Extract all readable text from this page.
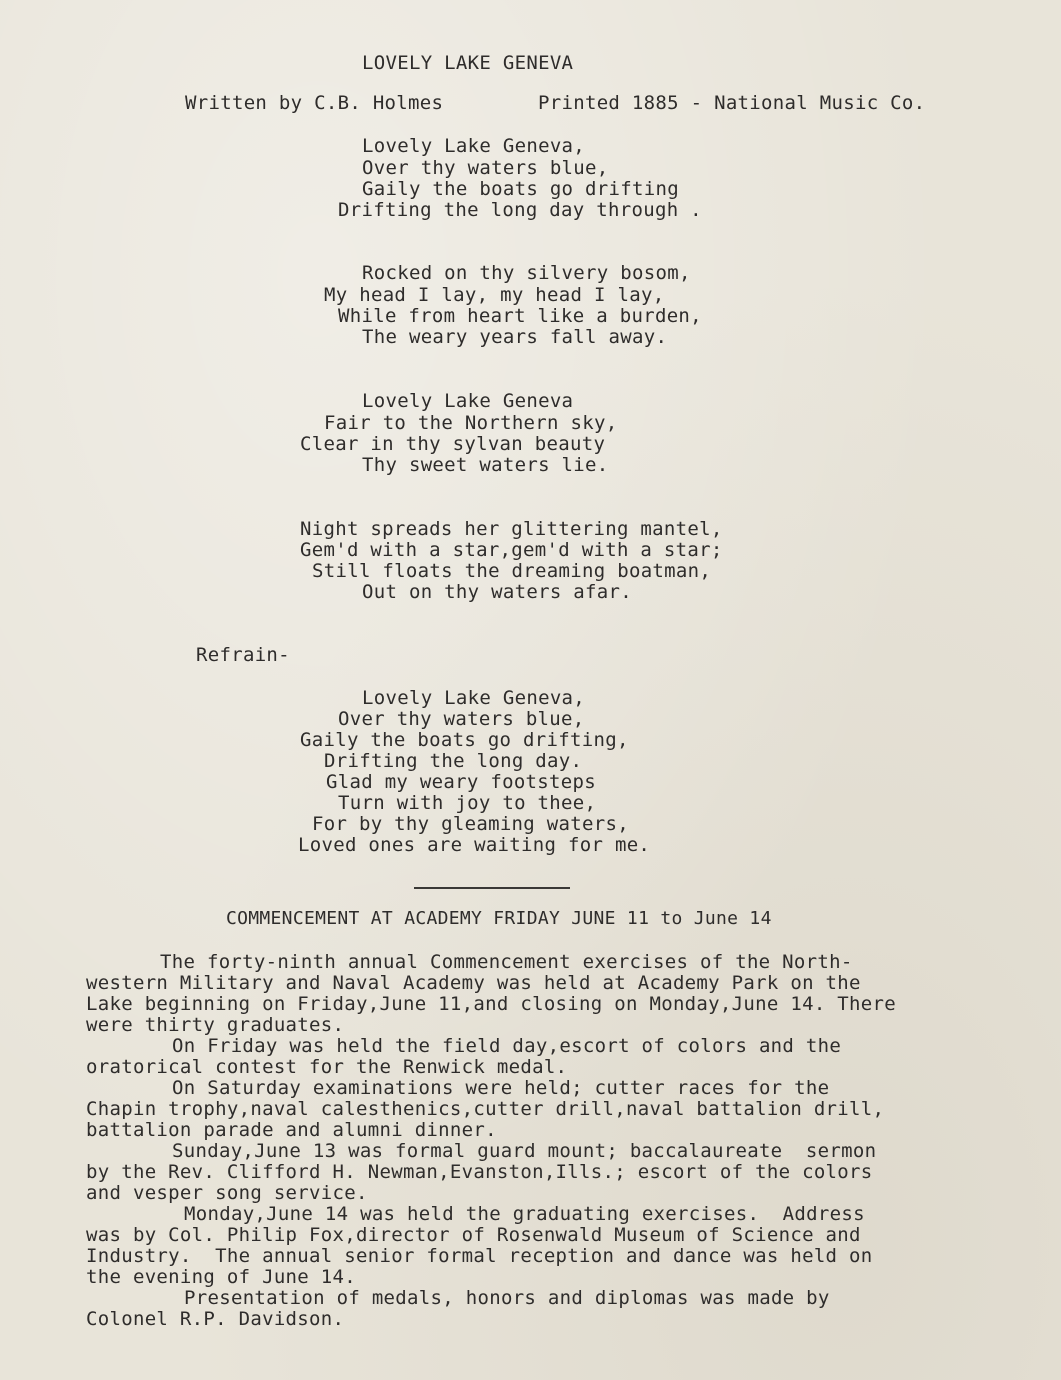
LOVELY LAKE GENEVA
Written by C.B. Holmes	Printed 1885 - National Music Co.
Lovely Lake Geneva,
Over thy waters blue,
Gaily the boats go drifting
Drifting the long day through .
Rocked on thy silvery bosom,
My head I lay, my head I lay,
While from heart like a burden,
The weary years fall away.
Lovely Lake Geneva
Fair to the Northern sky,
Clear in thy sylvan beauty
Thy sweet waters lie.
Night spreads her glittering mantel,
Gem'd with a star,gem'd with a star;
Still floats the dreaming boatman,
Out on thy waters afar.
Refrain-
Lovely Lake Geneva,
Over thy waters blue,
Gaily the boats go drifting,
Drifting the long day.
Glad my weary footsteps
Turn with joy to thee,
For by thy gleaming waters,
Loved ones are waiting for me.
COMMENCEMENT AT ACADEMY FRIDAY JUNE 11 to June 14
The forty-ninth annual Commencement exercises of the North-
western Military and Naval Academy was held at Academy Park on the
Lake beginning on Friday,June 11,and closing on Monday,June 14. There
were thirty graduates.
On Friday was held the field day,escort of colors and the
oratorical contest for the Renwick medal.
On Saturday examinations were held; cutter races for the
Chapin trophy,naval calesthenics,cutter drill,naval battalion drill,
battalion parade and alumni dinner.
Sunday,June 13 was formal guard mount; baccalaureate  sermon
by the Rev. Clifford H. Newman,Evanston,Ills.; escort of the colors
and vesper song service.
Monday,June 14 was held the graduating exercises.  Address
was by Col. Philip Fox,director of Rosenwald Museum of Science and
Industry.  The annual senior formal reception and dance was held on
the evening of June 14.
Presentation of medals, honors and diplomas was made by
Colonel R.P. Davidson.
